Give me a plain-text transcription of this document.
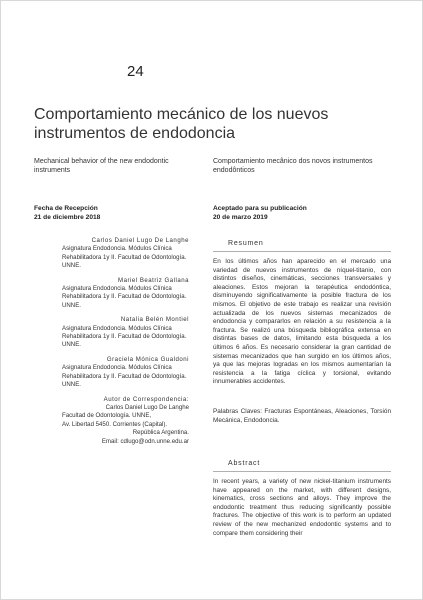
24
Comportamiento mecánico de los nuevos instrumentos de endodoncia
Mechanical behavior of the new endodontic instruments
Comportamiento mecânico dos novos instrumentos endodônticos
Fecha de Recepción
21 de diciembre 2018
Aceptado para su publicación
20 de marzo 2019
Carlos Daniel Lugo De Langhe
Asignatura Endodoncia. Módulos Clínica Rehabilitadora 1y II. Facultad de Odontología. UNNE.
Mariel Beatriz Gallana
Asignatura Endodoncia. Módulos Clínica Rehabilitadora 1y II. Facultad de Odontología. UNNE.
Natalia Belén Montiel
Asignatura Endodoncia. Módulos Clínica Rehabilitadora 1y II. Facultad de Odontología. UNNE.
Graciela Mónica Gualdoni
Asignatura Endodoncia. Módulos Clínica Rehabilitadora 1y II. Facultad de Odontología. UNNE.
Autor de Correspondencia:
Carlos Daniel Lugo De Langhe
Facultad de Odontología. UNNE,
Av. Libertad 5450. Corrientes (Capital).
República Argentina.
Email: cdlugo@odn.unne.edu.ar
Resumen
En los últimos años han aparecido en el mercado una variedad de nuevos instrumentos de níquel-titanio, con distintos diseños, cinemáticas, secciones transversales y aleaciones. Estos mejoran la terapéutica endodóntica, disminuyendo significativamente la posible fractura de los mismos. El objetivo de este trabajo es realizar una revisión actualizada de los nuevos sistemas mecanizados de endodoncia y compararlos en relación a su resistencia a la fractura. Se realizó una búsqueda bibliográfica extensa en distintas bases de datos, limitando esta búsqueda a los últimos 6 años. Es necesario considerar la gran cantidad de sistemas mecanizados que han surgido en los últimos años, ya que las mejoras logradas en los mismos aumentarían la resistencia a la fatiga cíclica y torsional, evitando innumerables accidentes.
Palabras Claves: Fracturas Espontáneas, Aleaciones, Torsión Mecánica, Endodoncia.
Abstract
In recent years, a variety of new nickel-titanium instruments have appeared on the market, with different designs, kinematics, cross sections and alloys. They improve the endodontic treatment thus reducing significantly possible fractures. The objective of this work is to perform an updated review of the new mechanized endodontic systems and to compare them considering their
